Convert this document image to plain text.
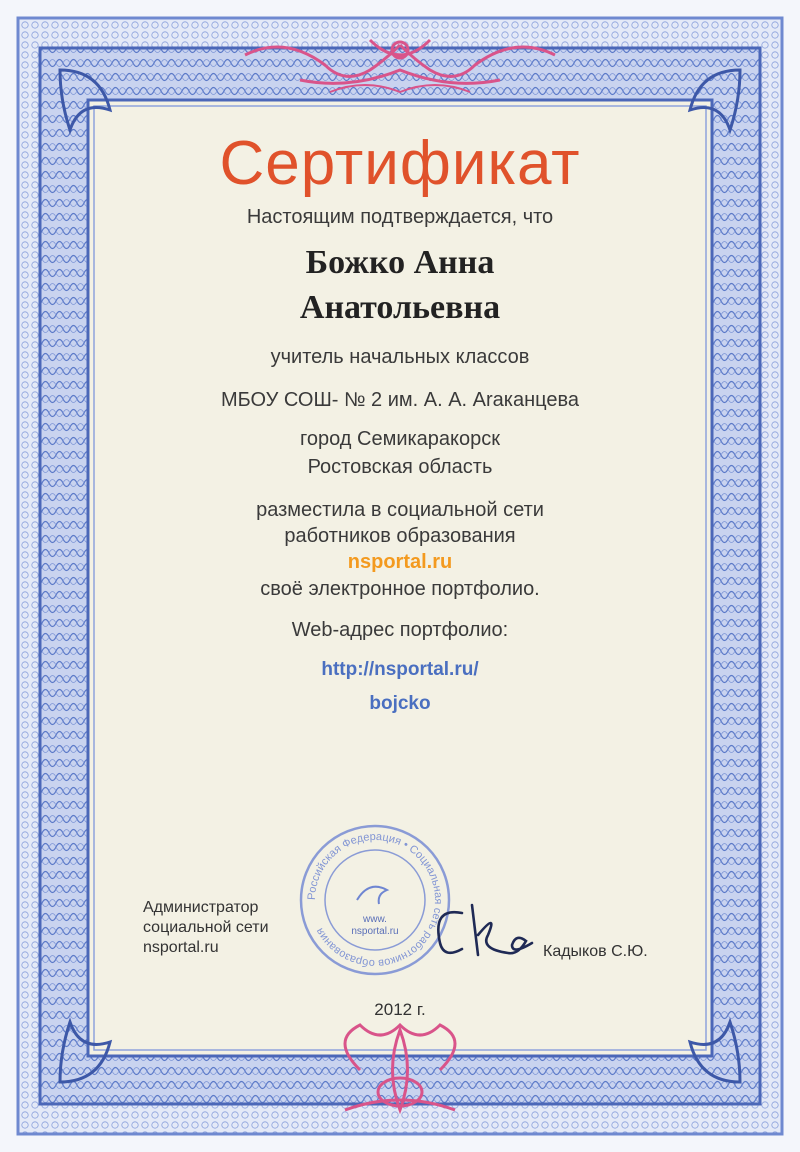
Сертификат
Настоящим подтверждается, что
Божко Анна
Анатольевна
учитель начальных классов
МБОУ СОШ- № 2 им. А. А. Araканцева
город Семикаракорск
Ростовская область
разместила в социальной сети
работников образования
nsportal.ru
своё электронное портфолио.
Web-адрес портфолио:
http://nsportal.ru/
bojcko
Российская Федерация • Социальная сеть работников образования
www.
nsportal.ru
Администратор
социальной сети
nsportal.ru	Кадыков С.Ю.
2012 г.
